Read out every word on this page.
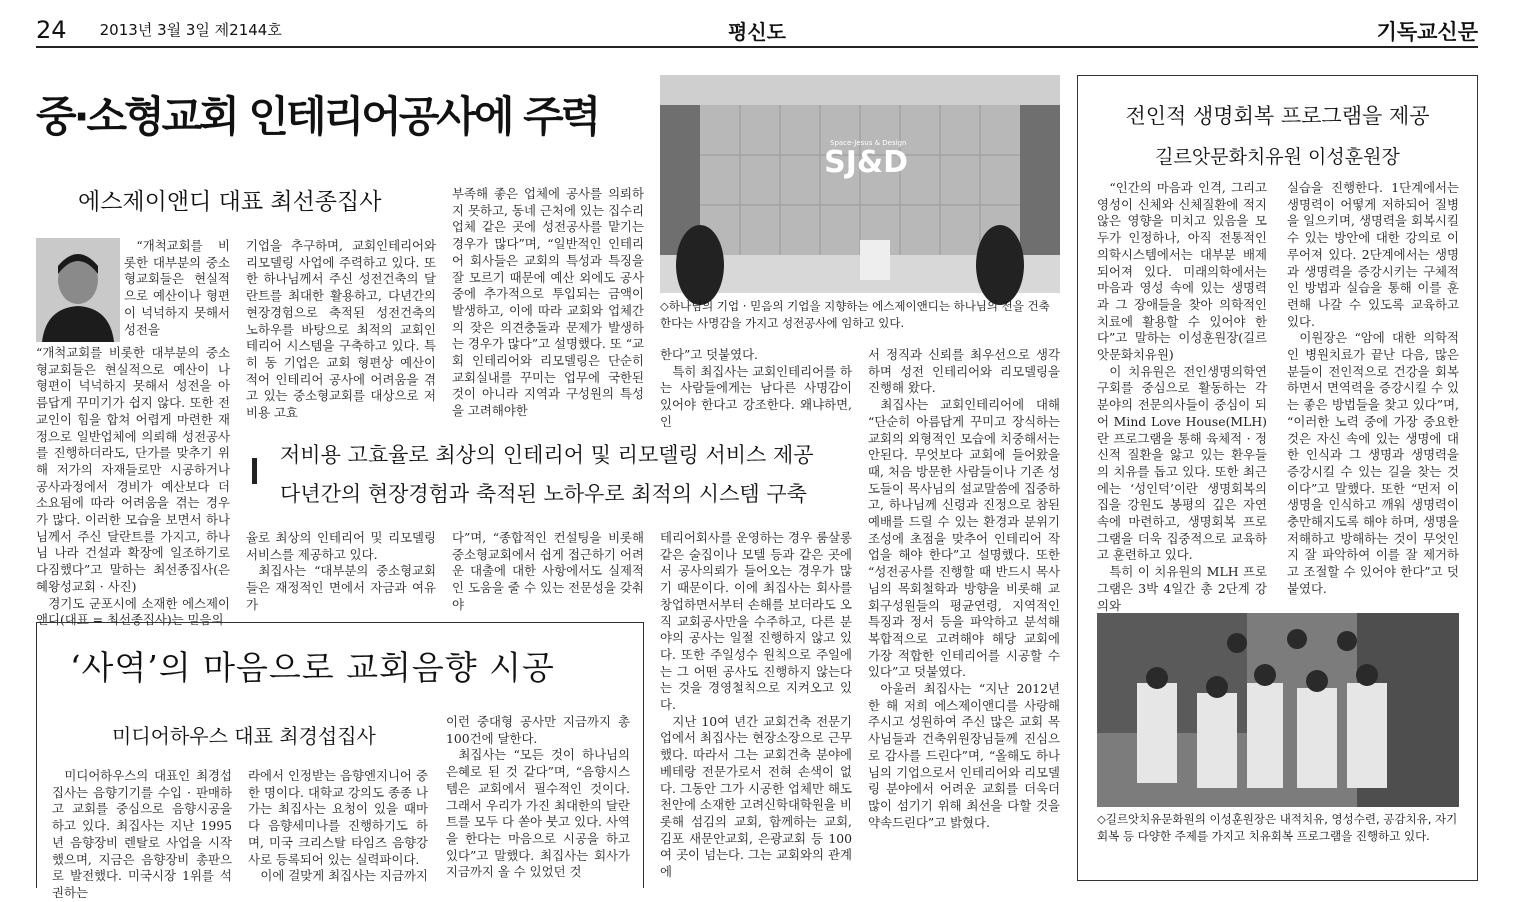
24 2013년 3월 3일 제2144호	평신도	기독교신문
중·소형교회 인테리어공사에 주력
에스제이앤디 대표 최선종집사
SJ&D
Space-Jesus & Design
◇하나님의 기업 · 믿음의 기업을 지향하는 에스제이앤디는 하나님의 전을 건축한다는 사명감을 가지고 성전공사에 임하고 있다.

“개척교회를 비롯한 대부분의 중소형교회들은 현실적으로 예산이나 형편이 넉넉하지 못해서 성전을

“개척교회를 비롯한 대부분의 중소형교회들은 현실적으로 예산이 나 형편이 넉넉하지 못해서 성전을 아름답게 꾸미기가 쉽지 않다. 또한 전교인이 힘을 합쳐 어렵게 마련한 재정으로 일반업체에 의뢰해 성전공사를 진행하더라도, 단가를 맞추기 위해 저가의 자재들로만 시공하거나 공사과정에서 경비가 예산보다 더 소요됨에 따라 어려움을 겪는 경우가 많다. 이러한 모습을 보면서 하나님께서 주신 달란트를 가지고, 하나님 나라 건설과 확장에 일조하기로 다짐했다”고 말하는 최선종집사(은혜왕성교회 · 사진)

경기도 군포시에 소재한 에스제이앤디(대표 = 최선종집사)는 믿음의

기업을 추구하며, 교회인테리어와 리모델링 사업에 주력하고 있다. 또한 하나님께서 주신 성전건축의 달란트를 최대한 활용하고, 다년간의 현장경험으로 축적된 성전건축의 노하우를 바탕으로 최적의 교회인테리어 시스템을 구축하고 있다. 특히 동 기업은 교회 형편상 예산이 적어 인테리어 공사에 어려움을 겪고 있는 중소형교회를 대상으로 저비용 고효

부족해 좋은 업체에 공사를 의뢰하지 못하고, 동네 근처에 있는 집수리업체 같은 곳에 성전공사를 맡기는 경우가 많다”며, “일반적인 인테리어 회사들은 교회의 특성과 특징을 잘 모르기 때문에 예산 외에도 공사중에 추가적으로 투입되는 금액이 발생하고, 이에 따라 교회와 업체간의 잦은 의견충돌과 문제가 발생하는 경우가 많다”고 설명했다. 또 “교회 인테리어와 리모델링은 단순히 교회실내를 꾸미는 업무에 국한된 것이 아니라 지역과 구성원의 특성을 고려해야한

한다”고 덧붙였다.

특히 최집사는 교회인테리어를 하는 사람들에게는 남다른 사명감이 있어야 한다고 강조한다. 왜냐하면, 인

서 정직과 신뢰를 최우선으로 생각하며 성전 인테리어와 리모델링을 진행해 왔다.

최집사는 교회인테리어에 대해 “단순히 아름답게 꾸미고 장식하는 교회의 외형적인 모습에 치중해서는 안된다. 무엇보다 교회에 들어왔을 때, 처음 방문한 사람들이나 기존 성도들이 목사님의 설교말씀에 집중하고, 하나님께 신령과 진정으로 참된 예배를 드릴 수 있는 환경과 분위기 조성에 초점을 맞추어 인테리어 작업을 해야 한다”고 설명했다. 또한 “성전공사를 진행할 때 반드시 목사님의 목회철학과 방향을 비롯해 교회구성원들의 평균연령, 지역적인 특징과 정서 등을 파악하고 분석해 복합적으로 고려해야 해당 교회에 가장 적합한 인테리어를 시공할 수 있다”고 덧붙였다.

아울러 최집사는 “지난 2012년 한 해 저희 에스제이앤디를 사랑해주시고 성원하여 주신 많은 교회 목사님들과 건축위원장님들께 진심으로 감사를 드린다”며, “올해도 하나님의 기업으로서 인테리어와 리모델링 분야에서 어려운 교회를 더욱더 많이 섬기기 위해 최선을 다할 것을 약속드린다”고 밝혔다.

저비용 고효율로 최상의 인테리어 및 리모델링 서비스 제공
다년간의 현장경험과 축적된 노하우로 최적의 시스템 구축

율로 최상의 인테리어 및 리모델링 서비스를 제공하고 있다.

최집사는 “대부분의 중소형교회들은 재정적인 면에서 자금과 여유가

다”며, “종합적인 컨설팅을 비롯해 중소형교회에서 쉽게 접근하기 어려운 대출에 대한 사항에서도 실제적인 도움을 줄 수 있는 전문성을 갖춰야

테리어회사를 운영하는 경우 룸살롱 같은 술집이나 모텔 등과 같은 곳에서 공사의뢰가 들어오는 경우가 많기 때문이다. 이에 최집사는 회사를 창업하면서부터 손해를 보더라도 오직 교회공사만을 수주하고, 다른 분야의 공사는 일절 진행하지 않고 있다. 또한 주일성수 원칙으로 주일에는 그 어떤 공사도 진행하지 않는다는 것을 경영철칙으로 지켜오고 있다.

지난 10여 년간 교회건축 전문기업에서 최집사는 현장소장으로 근무했다. 따라서 그는 교회건축 분야에 베테랑 전문가로서 전혀 손색이 없다. 그동안 그가 시공한 업체만 해도 천안에 소재한 고려신학대학원을 비롯해 섬김의 교회, 함께하는 교회, 김포 새문안교회, 은광교회 등 100여 곳이 넘는다. 그는 교회와의 관계에

‘사역’의 마음으로 교회음향 시공
미디어하우스 대표 최경섭집사

미디어하우스의 대표인 최경섭 집사는 음향기기를 수입 · 판매하고 교회를 중심으로 음향시공을 하고 있다. 최집사는 지난 1995년 음향장비 렌탈로 사업을 시작했으며, 지금은 음향장비 총판으로 발전했다. 미국시장 1위를 석권하는

라에서 인정받는 음향엔지니어 중 한 명이다. 대학교 강의도 종종 나가는 최집사는 요청이 있을 때마다 음향세미나를 진행하기도 하며, 미국 크리스탈 타임즈 음향강사로 등록되어 있는 실력파이다.

이에 걸맞게 최집사는 지금까지

이런 중대형 공사만 지금까지 총 100건에 달한다.

최집사는 “모든 것이 하나님의 은혜로 된 것 같다”며, “음향시스템은 교회에서 필수적인 것이다. 그래서 우리가 가진 최대한의 달란트를 모두 다 쏟아 붓고 있다. 사역을 한다는 마음으로 시공을 하고 있다”고 말했다. 최집사는 회사가 지금까지 올 수 있었던 것

전인적 생명회복 프로그램을 제공
길르앗문화치유원 이성훈원장

“인간의 마음과 인격, 그리고 영성이 신체와 신체질환에 적지 않은 영향을 미치고 있음을 모두가 인정하나, 아직 전통적인 의학시스템에서는 대부분 배제되어져 있다. 미래의학에서는 마음과 영성 속에 있는 생명력과 그 장애들을 찾아 의학적인 치료에 활용할 수 있어야 한다”고 말하는 이성훈원장(길르앗문화치유원)

이 치유원은 전인생명의학연구회를 중심으로 활동하는 각 분야의 전문의사들이 중심이 되어 Mind Love House(MLH)란 프로그램을 통해 육체적 · 정신적 질환을 앓고 있는 환우들의 치유를 돕고 있다. 또한 최근에는 ‘성인덕’이란 생명회복의 집을 강원도 봉평의 깊은 자연속에 마련하고, 생명회복 프로그램을 더욱 집중적으로 교육하고 훈련하고 있다.

특히 이 치유원의 MLH 프로그램은 3박 4일간 총 2단계 강의와

실습을 진행한다. 1단계에서는 생명력이 어떻게 저하되어 질병을 일으키며, 생명력을 회복시킬 수 있는 방안에 대한 강의로 이루어져 있다. 2단계에서는 생명과 생명력을 증강시키는 구체적인 방법과 실습을 통해 이를 훈련해 나갈 수 있도록 교육하고 있다.

이원장은 “암에 대한 의학적인 병원치료가 끝난 다음, 많은 분들이 전인적으로 건강을 회복하면서 면역력을 증강시킬 수 있는 좋은 방법들을 찾고 있다”며, “이러한 노력 중에 가장 중요한 것은 자신 속에 있는 생명에 대한 인식과 그 생명과 생명력을 증강시킬 수 있는 길을 찾는 것이다”고 말했다. 또한 “먼저 이 생명을 인식하고 깨워 생명력이 충만해지도록 해야 하며, 생명을 저해하고 방해하는 것이 무엇인지 잘 파악하여 이를 잘 제거하고 조절할 수 있어야 한다”고 덧붙였다.

◇길르앗치유문화원의 이성훈원장은 내적치유, 영성수련, 공감치유, 자기회복 등 다양한 주제를 가지고 치유회복 프로그램을 진행하고 있다.
